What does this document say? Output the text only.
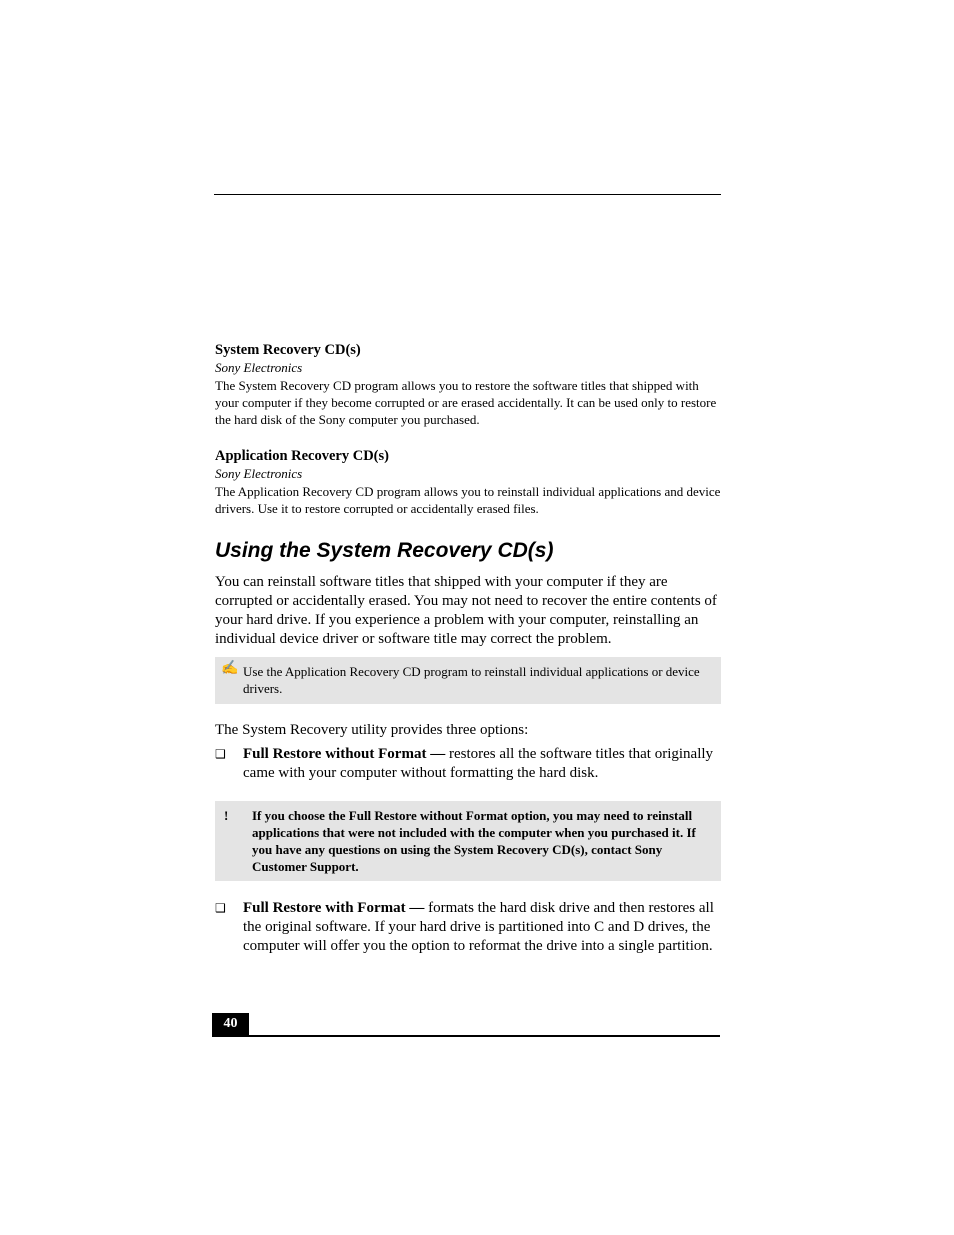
System Recovery CD(s)
Sony Electronics
The System Recovery CD program allows you to restore the software titles that shipped with your computer if they become corrupted or are erased accidentally. It can be used only to restore the hard disk of the Sony computer you purchased.
Application Recovery CD(s)
Sony Electronics
The Application Recovery CD program allows you to reinstall individual applications and device drivers. Use it to restore corrupted or accidentally erased files.
Using the System Recovery CD(s)
You can reinstall software titles that shipped with your computer if they are corrupted or accidentally erased. You may not need to recover the entire contents of your hard drive. If you experience a problem with your computer, reinstalling an individual device driver or software title may correct the problem.
✍ Use the Application Recovery CD program to reinstall individual applications or device drivers.
The System Recovery utility provides three options:
❑ Full Restore without Format — restores all the software titles that originally came with your computer without formatting the hard disk.
! If you choose the Full Restore without Format option, you may need to reinstall applications that were not included with the computer when you purchased it. If you have any questions on using the System Recovery CD(s), contact Sony Customer Support.
❑ Full Restore with Format — formats the hard disk drive and then restores all the original software. If your hard drive is partitioned into C and D drives, the computer will offer you the option to reformat the drive into a single partition.
40
